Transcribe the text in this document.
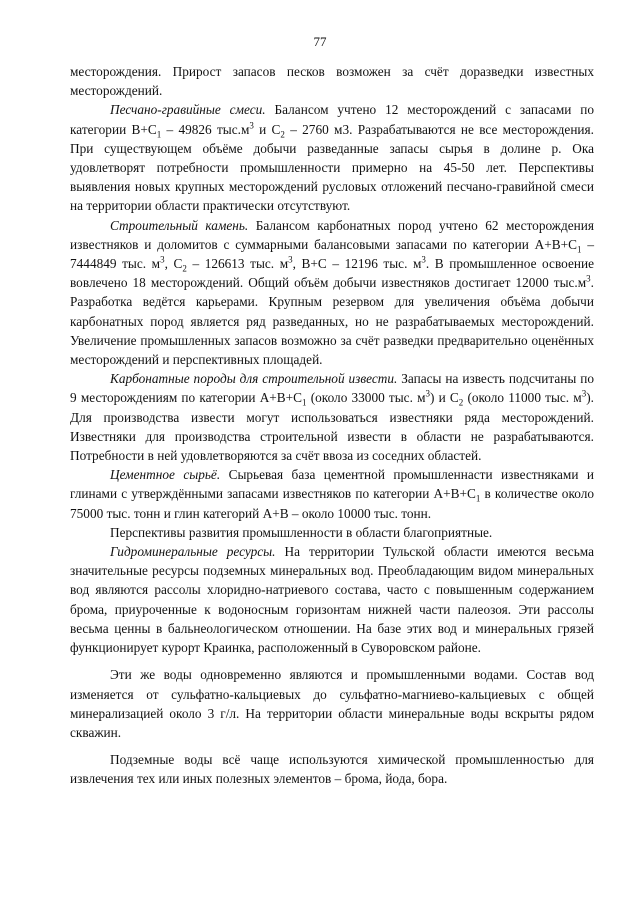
77

месторождения. Прирост запасов песков возможен за счёт доразведки известных месторождений.

Песчано-гравийные смеси. Балансом учтено 12 месторождений с запасами по категории $В+С_1 - 49826$ $тыс.м^3$ и $С_2 - 2760$ м3. Разрабатываются не все месторождения. При существующем объёме добычи разведанные запасы сырья в долине р. Ока удовлетворят потребности промышленности примерно на 45-50 лет. Перспективы выявления новых крупных месторождений русловых отложений песчано-гравийной смеси на территории области практически отсутствуют.

Строительный камень. Балансом карбонатных пород учтено 62 месторождения известняков и доломитов с суммарными балансовыми запасами по категории $А+В+С_1 - 7444849$ тыс. $м^3$, $С_2 - 126613$ тыс. $м^3$, В+С – 12196 тыс. $м^3$. В промышленное освоение вовлечено 18 месторождений. Общий объём добычи известняков достигает 12000 $тыс.м^3$. Разработка ведётся карьерами. Крупным резервом для увеличения объёма добычи карбонатных пород является ряд разведанных, но не разрабатываемых месторождений. Увеличение промышленных запасов возможно за счёт разведки предварительно оценённых месторождений и перспективных площадей.

Карбонатные породы для строительной извести. Запасы на известь подсчитаны по 9 месторождениям по категории $А+В+С_1$ (около 33000 тыс. $м^3$) и $С_2$ (около 11000 тыс. $м^3$). Для производства извести могут использоваться известняки ряда месторождений. Известняки для производства строительной извести в области не разрабатываются. Потребности в ней удовлетворяются за счёт ввоза из соседних областей.

Цементное сырьё. Сырьевая база цементной промышленнасти известняками и глинами с утверждёнными запасами известняков по категории $А+В+С_1$ в количестве около 75000 тыс. тонн и глин категорий А+В – около 10000 тыс. тонн.

Перспективы развития промышленности в области благоприятные.

Гидроминеральные ресурсы. На территории Тульской области имеются весьма значительные ресурсы подземных минеральных вод. Преобладающим видом минеральных вод являются рассолы хлоридно-натриевого состава, часто с повышенным содержанием брома, приуроченные к водоносным горизонтам нижней части палеозоя. Эти рассолы весьма ценны в бальнеологическом отношении. На базе этих вод и минеральных грязей функционирует курорт Краинка, расположенный в Суворовском районе.

Эти же воды одновременно являются и промышленными водами. Состав вод изменяется от сульфатно-кальциевых до сульфатно-магниево-кальциевых с общей минерализацией около 3 г/л. На территории области минеральные воды вскрыты рядом скважин.

Подземные воды всё чаще используются химической промышленностью для извлечения тех или иных полезных элементов – брома, йода, бора.
